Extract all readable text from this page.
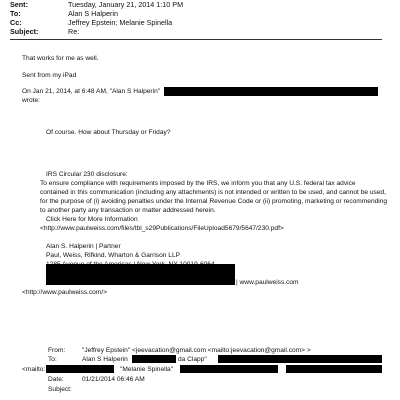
Sent:	Tuesday, January 21, 2014 1:10 PM
To:	Alan S Halperin
Cc:	Jeffrey Epstein; Melanie Spinella
Subject:	Re:
That works for me as well.
Sent from my iPad
On Jan 21, 2014, at 6:48 AM, "Alan S Halperin"
wrote:
Of course. How about Thursday or Friday?
IRS Circular 230 disclosure:
To ensure compliance with requirements imposed by the IRS, we inform you that any U.S. federal tax advice
contained in this communication (including any attachments) is not intended or written to be used, and cannot be used,
for the purpose of (i) avoiding penalties under the Internal Revenue Code or (ii) promoting, marketing or recommending
to another party any transaction or matter addressed herein.
Click Here for More Information
<http://www.paulweiss.com/files/tbl_s29Publications/FileUpload5679/5647/230.pdf>
Alan S. Halperin | Partner
Paul, Weiss, Rifkind, Wharton & Garrison LLP
| www.paulweiss.com
<http://www.paulweiss.com/>
From:	"Jeffrey Epstein" <jeevacation@gmail.com <mailto:jeevacation@gmail.com> >
To:	Alan S Halperin	da Clapp"
<mailto:	"Melanie Spinella"
Date:	01/21/2014 06:46 AM
Subject:
